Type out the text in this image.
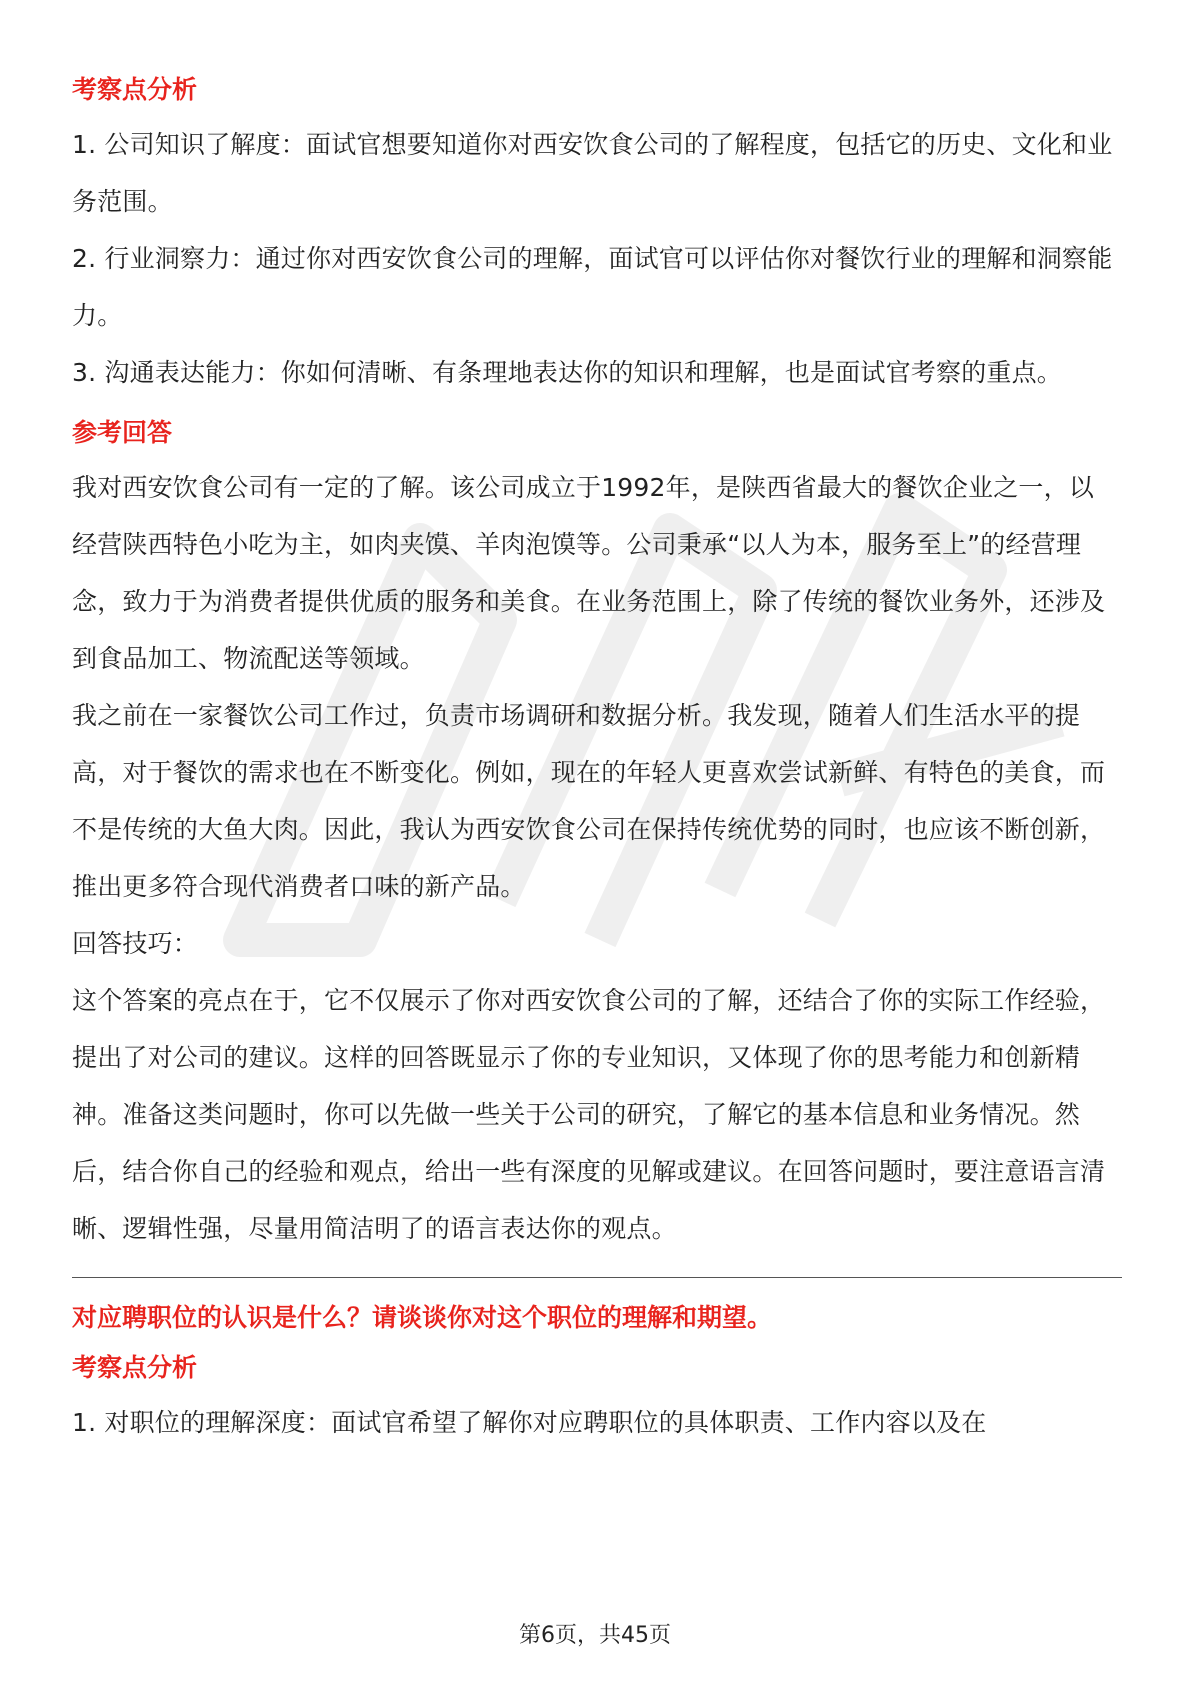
考察点分析

1. 公司知识了解度：面试官想要知道你对西安饮食公司的了解程度，包括它的历史、文化和业务范围。

2. 行业洞察力：通过你对西安饮食公司的理解，面试官可以评估你对餐饮行业的理解和洞察能力。

3. 沟通表达能力：你如何清晰、有条理地表达你的知识和理解，也是面试官考察的重点。

参考回答

我对西安饮食公司有一定的了解。该公司成立于1992年，是陕西省最大的餐饮企业之一，以经营陕西特色小吃为主，如肉夹馍、羊肉泡馍等。公司秉承“以人为本，服务至上”的经营理念，致力于为消费者提供优质的服务和美食。在业务范围上，除了传统的餐饮业务外，还涉及到食品加工、物流配送等领域。

我之前在一家餐饮公司工作过，负责市场调研和数据分析。我发现，随着人们生活水平的提高，对于餐饮的需求也在不断变化。例如，现在的年轻人更喜欢尝试新鲜、有特色的美食，而不是传统的大鱼大肉。因此，我认为西安饮食公司在保持传统优势的同时，也应该不断创新，推出更多符合现代消费者口味的新产品。

回答技巧：

这个答案的亮点在于，它不仅展示了你对西安饮食公司的了解，还结合了你的实际工作经验，提出了对公司的建议。这样的回答既显示了你的专业知识，又体现了你的思考能力和创新精神。准备这类问题时，你可以先做一些关于公司的研究，了解它的基本信息和业务情况。然后，结合你自己的经验和观点，给出一些有深度的见解或建议。在回答问题时，要注意语言清晰、逻辑性强，尽量用简洁明了的语言表达你的观点。

对应聘职位的认识是什么？请谈谈你对这个职位的理解和期望。
考察点分析

1. 对职位的理解深度：面试官希望了解你对应聘职位的具体职责、工作内容以及在

第6页，共45页
